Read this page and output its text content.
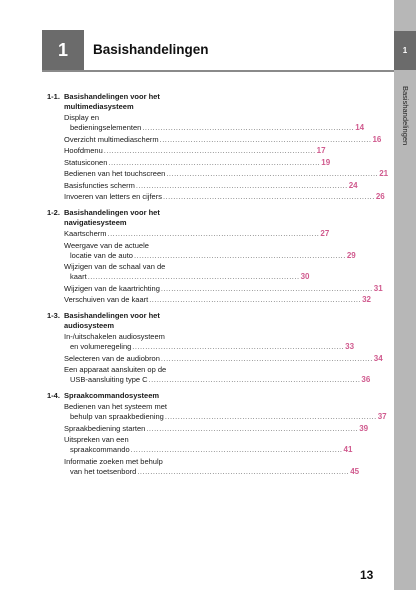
1 Basishandelingen	1
Basishandelingen
1-1. Basishandelingen voor het
multimediasysteem
Display en
bedieningselementen .................................................................................. 14
Overzicht multimediascherm .................................................................................. 16
Hoofdmenu .................................................................................. 17
Statusiconen .................................................................................. 19
Bedienen van het touchscreen .................................................................................. 21
Basisfuncties scherm .................................................................................. 24
Invoeren van letters en cijfers .................................................................................. 26
1-2. Basishandelingen voor het
navigatiesysteem
Kaartscherm .................................................................................. 27
Weergave van de actuele
locatie van de auto .................................................................................. 29
Wijzigen van de schaal van de
kaart .................................................................................. 30
Wijzigen van de kaartrichting .................................................................................. 31
Verschuiven van de kaart .................................................................................. 32
1-3. Basishandelingen voor het
audiosysteem
In-/uitschakelen audiosysteem
en volumeregeling .................................................................................. 33
Selecteren van de audiobron .................................................................................. 34
Een apparaat aansluiten op de
USB-aansluiting type C .................................................................................. 36
1-4. Spraakcommandosysteem
Bedienen van het systeem met
behulp van spraakbediening .................................................................................. 37
Spraakbediening starten .................................................................................. 39
Uitspreken van een
spraakcommando .................................................................................. 41
Informatie zoeken met behulp
van het toetsenbord .................................................................................. 45
13
